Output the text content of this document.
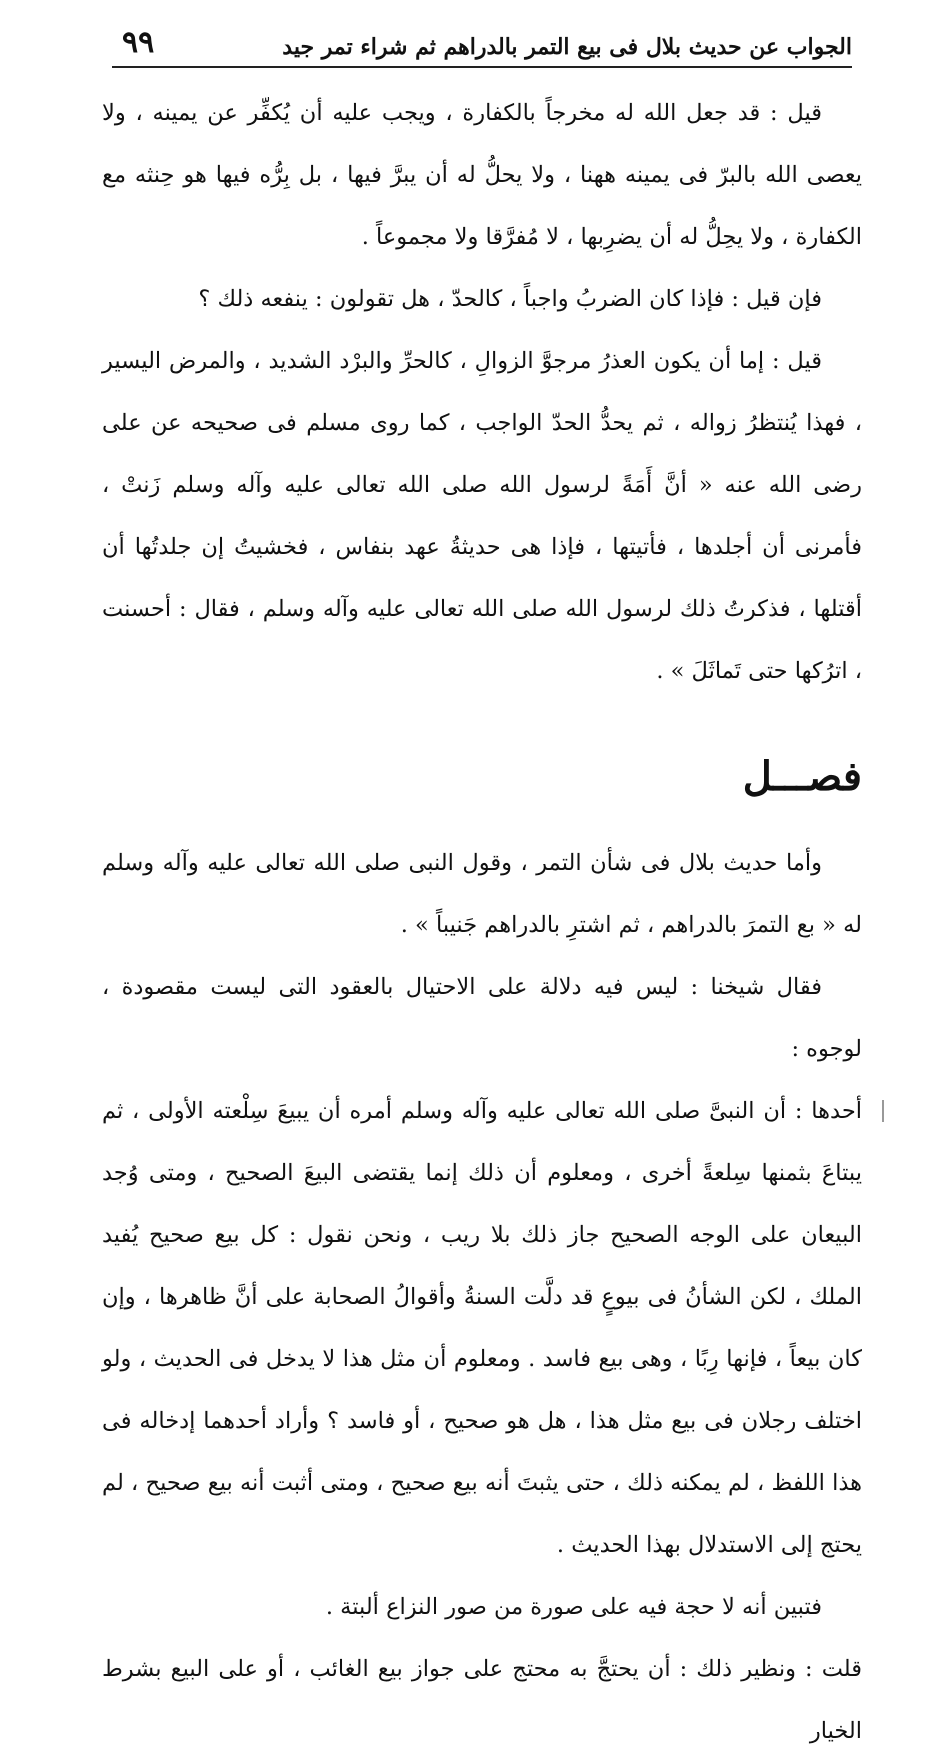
الجواب عن حديث بلال فى بيع التمر بالدراهم ثم شراء تمر جيد
٩٩

قيل : قد جعل الله له مخرجاً بالكفارة ، ويجب عليه أن يُكفِّر عن يمينه ، ولا يعصى الله بالبرّ فى يمينه ههنا ، ولا يحلُّ له أن يبرَّ فيها ، بل بِرُّه فيها هو حِنثه مع الكفارة ، ولا يحِلُّ له أن يضرِبها ، لا مُفرَّقا ولا مجموعاً .

فإن قيل : فإذا كان الضربُ واجباً ، كالحدّ ، هل تقولون : ينفعه ذلك ؟

قيل : إما أن يكون العذرُ مرجوَّ الزوالِ ، كالحرِّ والبرْد الشديد ، والمرض اليسير ، فهذا يُنتظرُ زواله ، ثم يحدُّ الحدّ الواجب ، كما روى مسلم فى صحيحه عن على رضى الله عنه « أنَّ أَمَةً لرسول الله صلى الله تعالى عليه وآله وسلم زَنتْ ، فأمرنى أن أجلدها ، فأتيتها ، فإذا هى حديثةُ عهد بنفاس ، فخشيتُ إن جلدتُها أن أقتلها ، فذكرتُ ذلك لرسول الله صلى الله تعالى عليه وآله وسلم ، فقال : أحسنت ، اترُكها حتى تَماثَلَ » .

فصـــل

وأما حديث بلال فى شأن التمر ، وقول النبى صلى الله تعالى عليه وآله وسلم له « بع التمرَ بالدراهم ، ثم اشترِ بالدراهم جَنيباً » .

فقال شيخنا : ليس فيه دلالة على الاحتيال بالعقود التى ليست مقصودة ، لوجوه :

أحدها : أن النبىَّ صلى الله تعالى عليه وآله وسلم أمره أن يبيعَ سِلْعته الأولى ، ثم يبتاعَ بثمنها سِلعةً أخرى ، ومعلوم أن ذلك إنما يقتضى البيعَ الصحيح ، ومتى وُجد البيعان على الوجه الصحيح جاز ذلك بلا ريب ، ونحن نقول : كل بيع صحيح يُفيد الملك ، لكن الشأنُ فى بيوعٍ قد دلَّت السنةُ وأقوالُ الصحابة على أنَّ ظاهرها ، وإن كان بيعاً ، فإنها رِبًا ، وهى بيع فاسد . ومعلوم أن مثل هذا لا يدخل فى الحديث ، ولو اختلف رجلان فى بيع مثل هذا ، هل هو صحيح ، أو فاسد ؟ وأراد أحدهما إدخاله فى هذا اللفظ ، لم يمكنه ذلك ، حتى يثبتَ أنه بيع صحيح ، ومتى أثبت أنه بيع صحيح ، لم يحتج إلى الاستدلال بهذا الحديث .

فتبين أنه لا حجة فيه على صورة من صور النزاع ألبتة .

قلت : ونظير ذلك : أن يحتجَّ به محتج على جواز بيع الغائب ، أو على البيع بشرط الخيار
